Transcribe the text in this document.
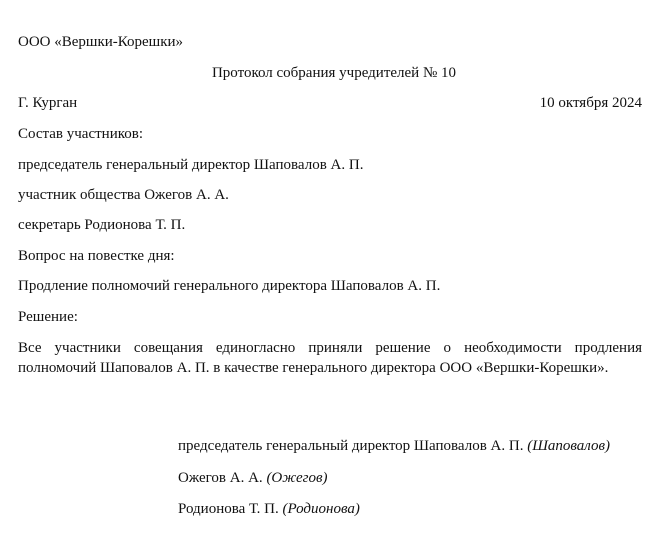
ООО «Вершки-Корешки»
Протокол собрания учредителей № 10
Г. Курган	10 октября 2024
Состав участников:
председатель генеральный директор Шаповалов А. П.
участник общества Ожегов А. А.
секретарь Родионова Т. П.
Вопрос на повестке дня:
Продление полномочий генерального директора Шаповалов А. П.
Решение:
Все участники совещания единогласно приняли решение о необходимости продления полномочий Шаповалов А. П. в качестве генерального директора ООО «Вершки-Корешки».
председатель генеральный директор Шаповалов А. П. (Шаповалов)
Ожегов А. А. (Ожегов)
Родионова Т. П. (Родионова)
